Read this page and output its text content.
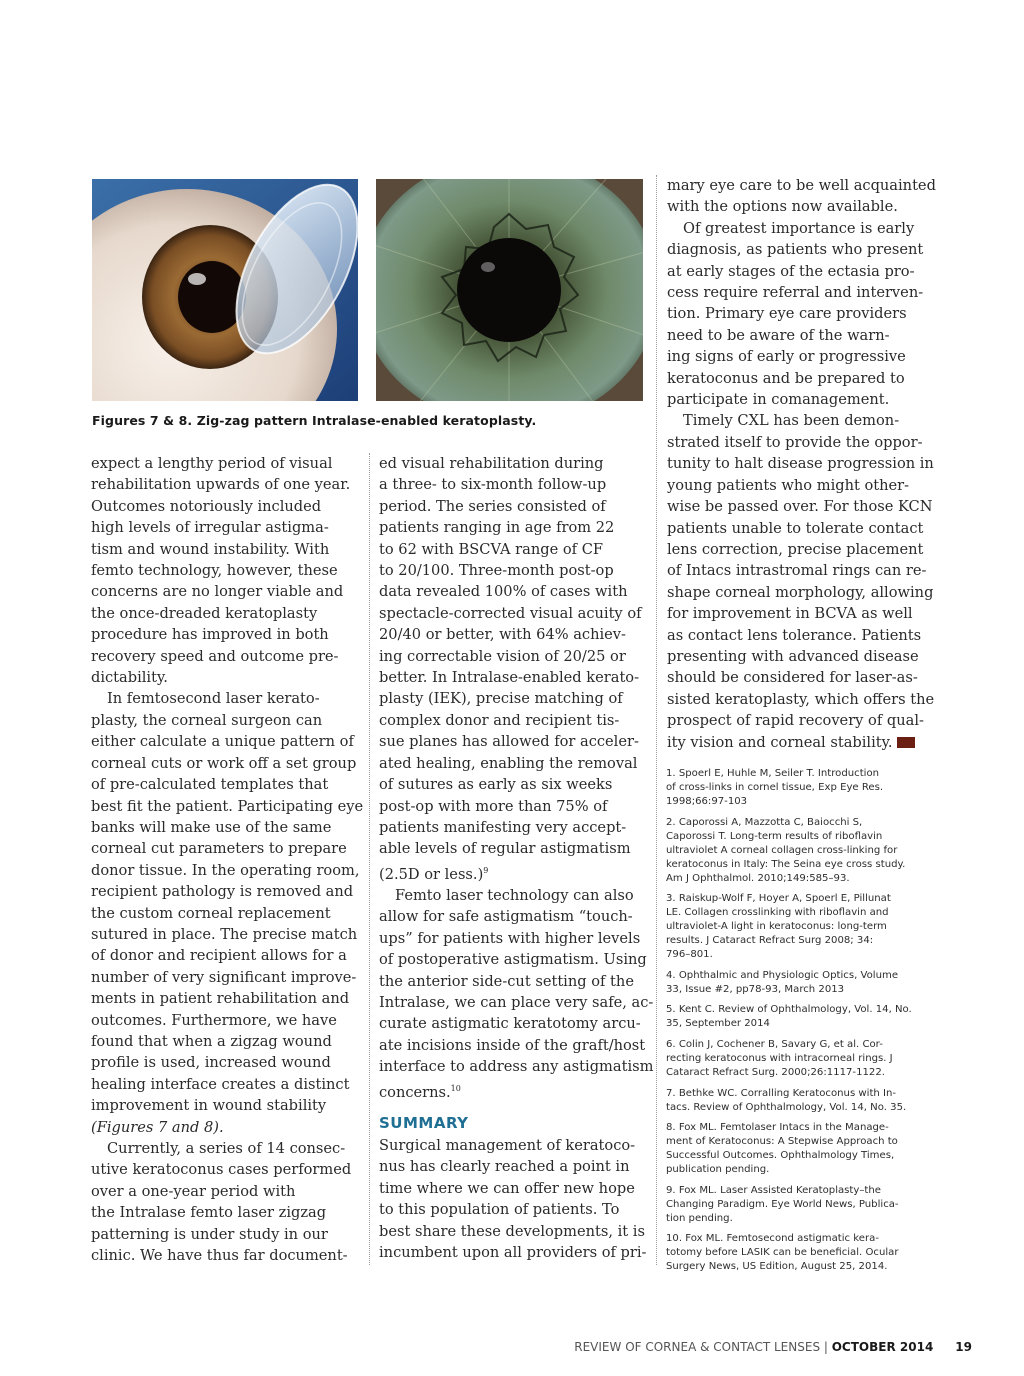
Figures 7 & 8. Zig-zag pattern Intralase-enabled keratoplasty.

expect a lengthy period of visual
rehabilitation upwards of one year.
Outcomes notoriously included
high levels of irregular astigma-
tism and wound instability. With
femto technology, however, these
concerns are no longer viable and
the once-dreaded keratoplasty
procedure has improved in both
recovery speed and outcome pre-
dictability.

In femtosecond laser kerato-
plasty, the corneal surgeon can
either calculate a unique pattern of
corneal cuts or work off a set group
of pre-calculated templates that
best fit the patient. Participating eye
banks will make use of the same
corneal cut parameters to prepare
donor tissue. In the operating room,
recipient pathology is removed and
the custom corneal replacement
sutured in place. The precise match
of donor and recipient allows for a
number of very significant improve-
ments in patient rehabilitation and
outcomes. Furthermore, we have
found that when a zigzag wound
profile is used, increased wound
healing interface creates a distinct
improvement in wound stability
(Figures 7 and 8).

Currently, a series of 14 consec-
utive keratoconus cases performed
over a one-year period with
the Intralase femto laser zigzag
patterning is under study in our
clinic. We have thus far document-

ed visual rehabilitation during
a three- to six-month follow-up
period. The series consisted of
patients ranging in age from 22
to 62 with BSCVA range of CF
to 20/100. Three-month post-op
data revealed 100% of cases with
spectacle-corrected visual acuity of
20/40 or better, with 64% achiev-
ing correctable vision of 20/25 or
better. In Intralase-enabled kerato-
plasty (IEK), precise matching of
complex donor and recipient tis-
sue planes has allowed for acceler-
ated healing, enabling the removal
of sutures as early as six weeks
post-op with more than 75% of
patients manifesting very accept-
able levels of regular astigmatism
(2.5D or less.)$^9$

Femto laser technology can also
allow for safe astigmatism “touch-
ups” for patients with higher levels
of postoperative astigmatism. Using
the anterior side-cut setting of the
Intralase, we can place very safe, ac-
curate astigmatic keratotomy arcu-
ate incisions inside of the graft/host
interface to address any astigmatism
concerns.$^{10}$

SUMMARY
Surgical management of keratoco-
nus has clearly reached a point in
time where we can offer new hope
to this population of patients. To
best share these developments, it is
incumbent upon all providers of pri-

mary eye care to be well acquainted
with the options now available.

Of greatest importance is early
diagnosis, as patients who present
at early stages of the ectasia pro-
cess require referral and interven-
tion. Primary eye care providers
need to be aware of the warn-
ing signs of early or progressive
keratoconus and be prepared to
participate in comanagement.

Timely CXL has been demon-
strated itself to provide the oppor-
tunity to halt disease progression in
young patients who might other-
wise be passed over. For those KCN
patients unable to tolerate contact
lens correction, precise placement
of Intacs intrastromal rings can re-
shape corneal morphology, allowing
for improvement in BCVA as well
as contact lens tolerance. Patients
presenting with advanced disease
should be considered for laser-as-
sisted keratoplasty, which offers the
prospect of rapid recovery of qual-
ity vision and corneal stability.

1. Spoerl E, Huhle M, Seiler T. Introduction
of cross-links in cornel tissue, Exp Eye Res.
1998;66:97-103
2. Caporossi A, Mazzotta C, Baiocchi S,
Caporossi T. Long-term results of riboflavin
ultraviolet A corneal collagen cross-linking for
keratoconus in Italy: The Seina eye cross study.
Am J Ophthalmol. 2010;149:585–93.
3. Raiskup-Wolf F, Hoyer A, Spoerl E, Pillunat
LE. Collagen crosslinking with riboflavin and
ultraviolet-A light in keratoconus: long-term
results. J Cataract Refract Surg 2008; 34:
796–801.
4. Ophthalmic and Physiologic Optics, Volume
33, Issue #2, pp78-93, March 2013
5. Kent C. Review of Ophthalmology, Vol. 14, No.
35, September 2014
6. Colin J, Cochener B, Savary G, et al. Cor-
recting keratoconus with intracorneal rings. J
Cataract Refract Surg. 2000;26:1117-1122.
7. Bethke WC. Corralling Keratoconus with In-
tacs. Review of Ophthalmology, Vol. 14, No. 35.
8. Fox ML. Femtolaser Intacs in the Manage-
ment of Keratoconus: A Stepwise Approach to
Successful Outcomes. Ophthalmology Times,
publication pending.
9. Fox ML. Laser Assisted Keratoplasty–the
Changing Paradigm. Eye World News, Publica-
tion pending.
10. Fox ML. Femtosecond astigmatic kera-
totomy before LASIK can be beneficial. Ocular
Surgery News, US Edition, August 25, 2014.
REVIEW OF CORNEA & CONTACT LENSES | OCTOBER 2014 19
